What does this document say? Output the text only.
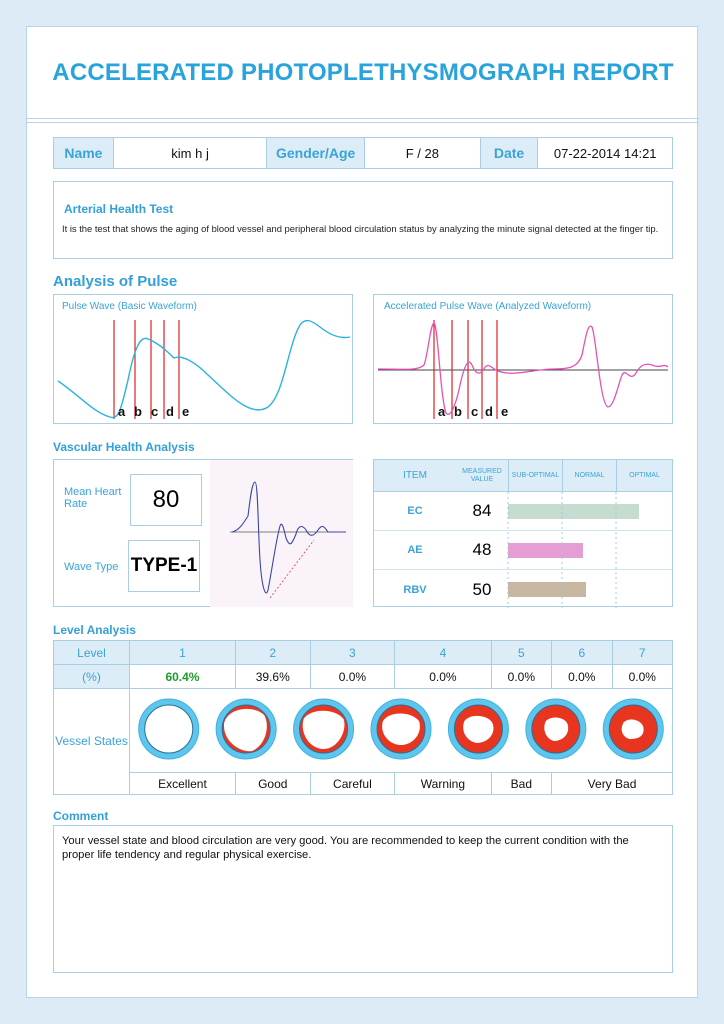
ACCELERATED PHOTOPLETHYSMOGRAPH REPORT
Name	kim h j	Gender/Age	F / 28	Date	07-22-2014 14:21
Arterial Health Test
It is the test that shows the aging of blood vessel and peripheral blood circulation status by analyzing the minute signal detected at the finger tip.
Analysis of Pulse
Pulse Wave (Basic Waveform)
a b c d e
Accelerated Pulse Wave (Analyzed Waveform)
a b c d e
Vascular Health Analysis
Mean Heart Rate	80
Wave Type TYPE-1
ITEM	MEASURED VALUE
SUB-OPTIMAL	NORMAL	OPTIMAL
EC	84
AE	48
RBV	50
Level Analysis
Level	1	2	3	4	5	6	7
(%)	60.4%	39.6%	0.0%	0.0%	0.0%	0.0%	0.0%
Vessel States	
	Excellent	Good	Careful	Warning	Bad	Very Bad	
Comment
Your vessel state and blood circulation are very good. You are recommended to keep the current condition with the proper life tendency and regular physical exercise.
